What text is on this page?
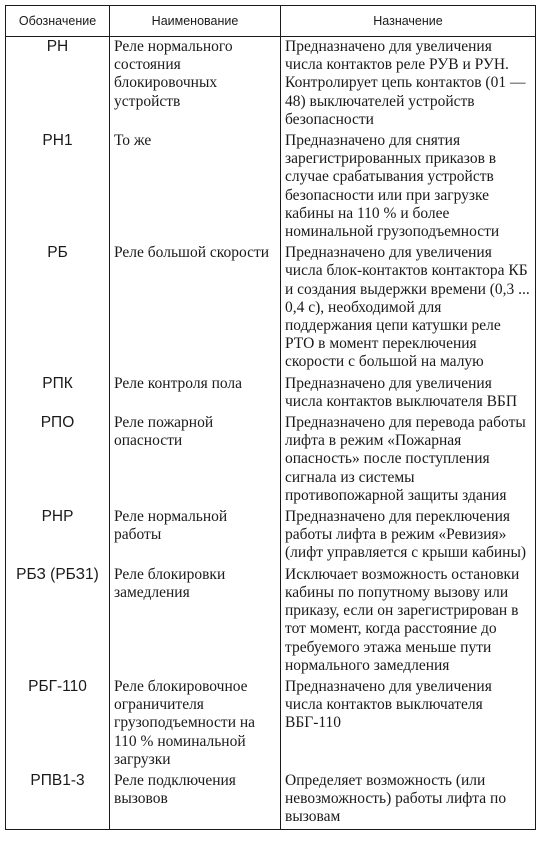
Обозначение	Наименование	Назначение
РН	Реле нормального состояния блокировочных устройств	Предназначено для увеличения числа контактов реле РУВ и РУН. Контролирует цепь контактов (01 — 48) выключателей устройств безопасности
РН1	То же	Предназначено для снятия зарегистрированных приказов в случае срабатывания устройств безопасности или при загрузке кабины на 110 % и более номинальной грузоподъемности
РБ	Реле большой скорости	Предназначено для увеличения числа блок-контактов контактора КБ и создания выдержки времени (0,3 ... 0,4 с), необходимой для поддержания цепи катушки реле РТО в момент переключения скорости с большой на малую
РПК	Реле контроля пола	Предназначено для увеличения числа контактов выключателя ВБП
РПО	Реле пожарной опасности	Предназначено для перевода работы лифта в режим «Пожарная опасность» после поступления сигнала из системы противопожарной защиты здания
РНР	Реле нормальной работы	Предназначено для переключения работы лифта в режим «Ревизия» (лифт управляется с крыши кабины)
РБЗ (РБЗ1)	Реле блокировки замедления	Исключает возможность остановки кабины по попутному вызову или приказу, если он зарегистрирован в тот момент, когда расстояние до требуемого этажа меньше пути нормального замедления
РБГ-110	Реле блокировочное ограничителя грузоподъемности на 110 % номинальной загрузки	Предназначено для увеличения числа контактов выключателя ВБГ-110
РПВ1-3	Реле подключения вызовов	Определяет возможность (или невозможность) работы лифта по вызовам
